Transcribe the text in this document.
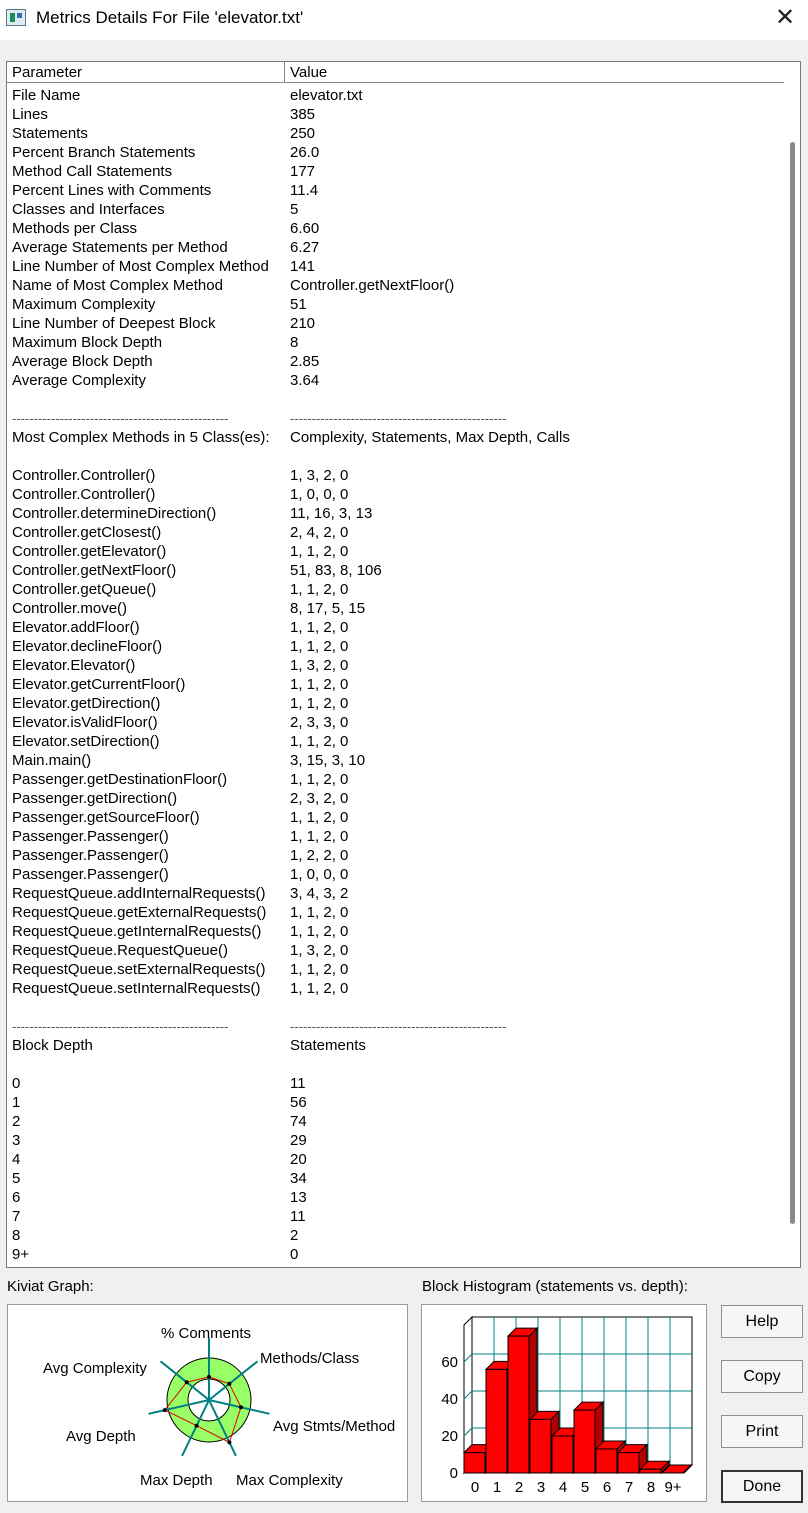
Metrics Details For File 'elevator.txt'	✕
Parameter	Value
File Name	elevator.txt
Lines	385
Statements	250
Percent Branch Statements	26.0
Method Call Statements	177
Percent Lines with Comments	11.4
Classes and Interfaces	5
Methods per Class	6.60
Average Statements per Method	6.27
Line Number of Most Complex Method 141
Name of Most Complex Method	Controller.getNextFloor()
Maximum Complexity	51
Line Number of Deepest Block	210
Maximum Block Depth	8
Average Block Depth	2.85
Average Complexity	3.64
--------------------------------------------------	--------------------------------------------------
Most Complex Methods in 5 Class(es): Complexity, Statements, Max Depth, Calls
Controller.Controller()	1, 3, 2, 0
Controller.Controller()	1, 0, 0, 0
Controller.determineDirection()	11, 16, 3, 13
Controller.getClosest()	2, 4, 2, 0
Controller.getElevator()	1, 1, 2, 0
Controller.getNextFloor()	51, 83, 8, 106
Controller.getQueue()	1, 1, 2, 0
Controller.move()	8, 17, 5, 15
Elevator.addFloor()	1, 1, 2, 0
Elevator.declineFloor()	1, 1, 2, 0
Elevator.Elevator()	1, 3, 2, 0
Elevator.getCurrentFloor()	1, 1, 2, 0
Elevator.getDirection()	1, 1, 2, 0
Elevator.isValidFloor()	2, 3, 3, 0
Elevator.setDirection()	1, 1, 2, 0
Main.main()	3, 15, 3, 10
Passenger.getDestinationFloor()	1, 1, 2, 0
Passenger.getDirection()	2, 3, 2, 0
Passenger.getSourceFloor()	1, 1, 2, 0
Passenger.Passenger()	1, 1, 2, 0
Passenger.Passenger()	1, 2, 2, 0
Passenger.Passenger()	1, 0, 0, 0
RequestQueue.addInternalRequests() 3, 4, 3, 2
RequestQueue.getExternalRequests() 1, 1, 2, 0
RequestQueue.getInternalRequests() 1, 1, 2, 0
RequestQueue.RequestQueue()	1, 3, 2, 0
RequestQueue.setExternalRequests() 1, 1, 2, 0
RequestQueue.setInternalRequests() 1, 1, 2, 0
--------------------------------------------------	--------------------------------------------------
Block Depth	Statements
0	11
1	56
2	74
3	29
4	20
5	34
6	13
7	11
8	2
9+	0
Kiviat Graph:	Block Histogram (statements vs. depth):
% Comments
Methods/Class
Avg Stmts/Method
Max Complexity
Max Depth
Avg Depth
Avg Complexity
0
20
40
60
0 1 2 3 4 5 6 7 8 9+
Help
Copy
Print
Done
